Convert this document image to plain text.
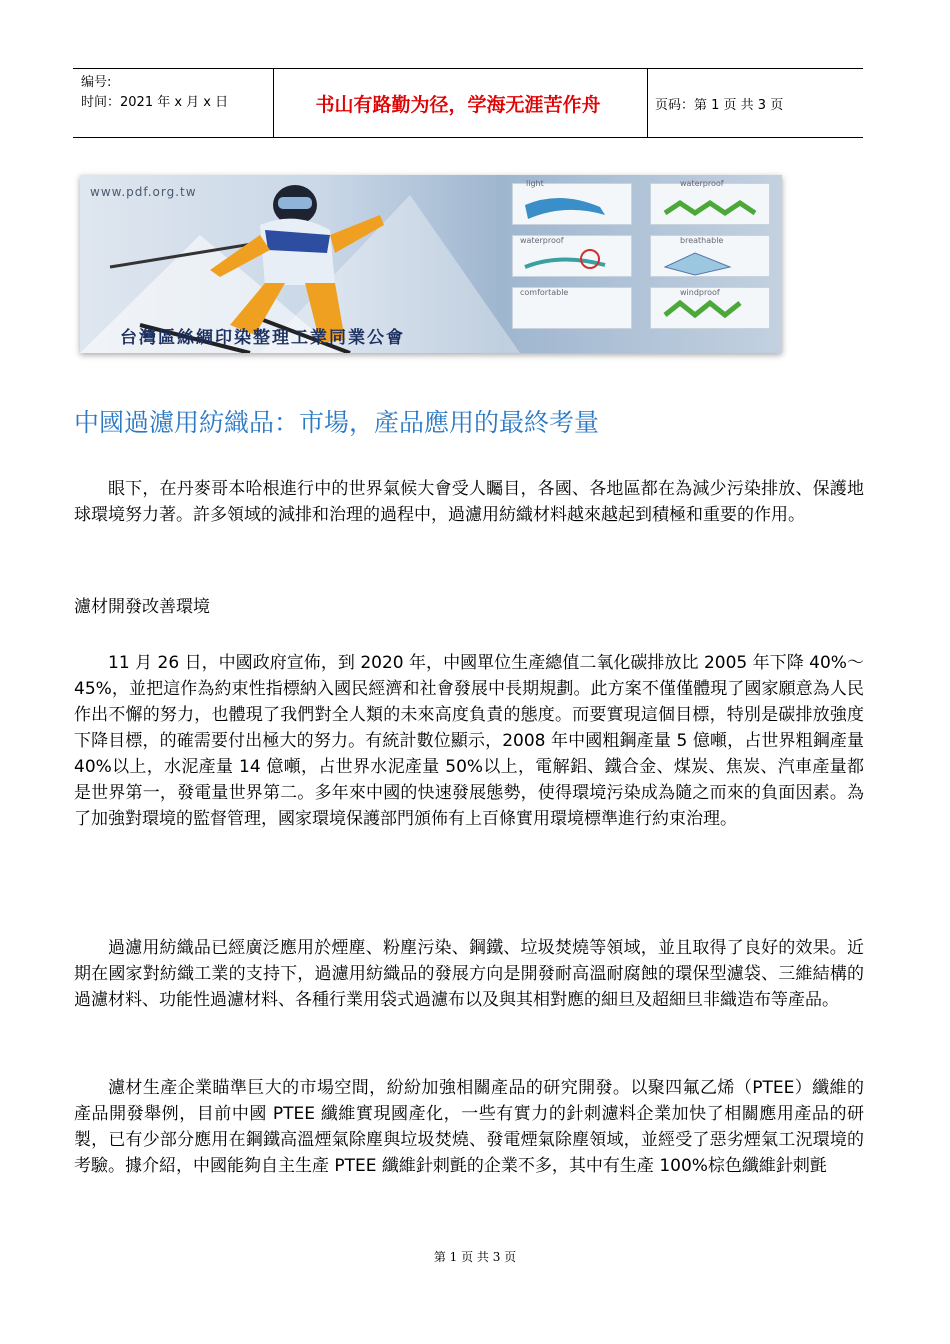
编号:
时间：2021 年 x 月 x 日	书山有路勤为径，学海无涯苦作舟	页码：第 1 页 共 3 页
www.pdf.org.tw
light	waterproof
waterproof	breathable
comfortable	windproof
台灣區絲綢印染整理工業同業公會
中國過濾用紡織品：市場，產品應用的最終考量

眼下，在丹麥哥本哈根進行中的世界氣候大會受人矚目，各國、各地區都在為減少污染排放、保護地球環境努力著。許多領域的減排和治理的過程中，過濾用紡織材料越來越起到積極和重要的作用。

濾材開發改善環境

11 月 26 日，中國政府宣佈，到 2020 年，中國單位生產總值二氧化碳排放比 2005 年下降 40%～45%，並把這作為約束性指標納入國民經濟和社會發展中長期規劃。此方案不僅僅體現了國家願意為人民作出不懈的努力，也體現了我們對全人類的未來高度負責的態度。而要實現這個目標，特別是碳排放強度下降目標，的確需要付出極大的努力。有統計數位顯示，2008 年中國粗鋼產量 5 億噸，占世界粗鋼產量 40%以上，水泥產量 14 億噸，占世界水泥產量 50%以上，電解鋁、鐵合金、煤炭、焦炭、汽車產量都是世界第一，發電量世界第二。多年來中國的快速發展態勢，使得環境污染成為隨之而來的負面因素。為了加強對環境的監督管理，國家環境保護部門頒佈有上百條實用環境標準進行約束治理。

過濾用紡織品已經廣泛應用於煙塵、粉塵污染、鋼鐵、垃圾焚燒等領域，並且取得了良好的效果。近期在國家對紡織工業的支持下，過濾用紡織品的發展方向是開發耐高溫耐腐蝕的環保型濾袋、三維結構的過濾材料、功能性過濾材料、各種行業用袋式過濾布以及與其相對應的細旦及超細旦非織造布等產品。

濾材生產企業瞄準巨大的市場空間，紛紛加強相關產品的研究開發。以聚四氟乙烯（PTEE）纖維的產品開發舉例，目前中國 PTEE 纖維實現國產化，一些有實力的針刺濾料企業加快了相關應用產品的研製，已有少部分應用在鋼鐵高溫煙氣除塵與垃圾焚燒、發電煙氣除塵領域，並經受了惡劣煙氣工況環境的考驗。據介紹，中國能夠自主生產 PTEE 纖維針刺氈的企業不多，其中有生產 100%棕色纖維針刺氈

第 1 页 共 3 页
